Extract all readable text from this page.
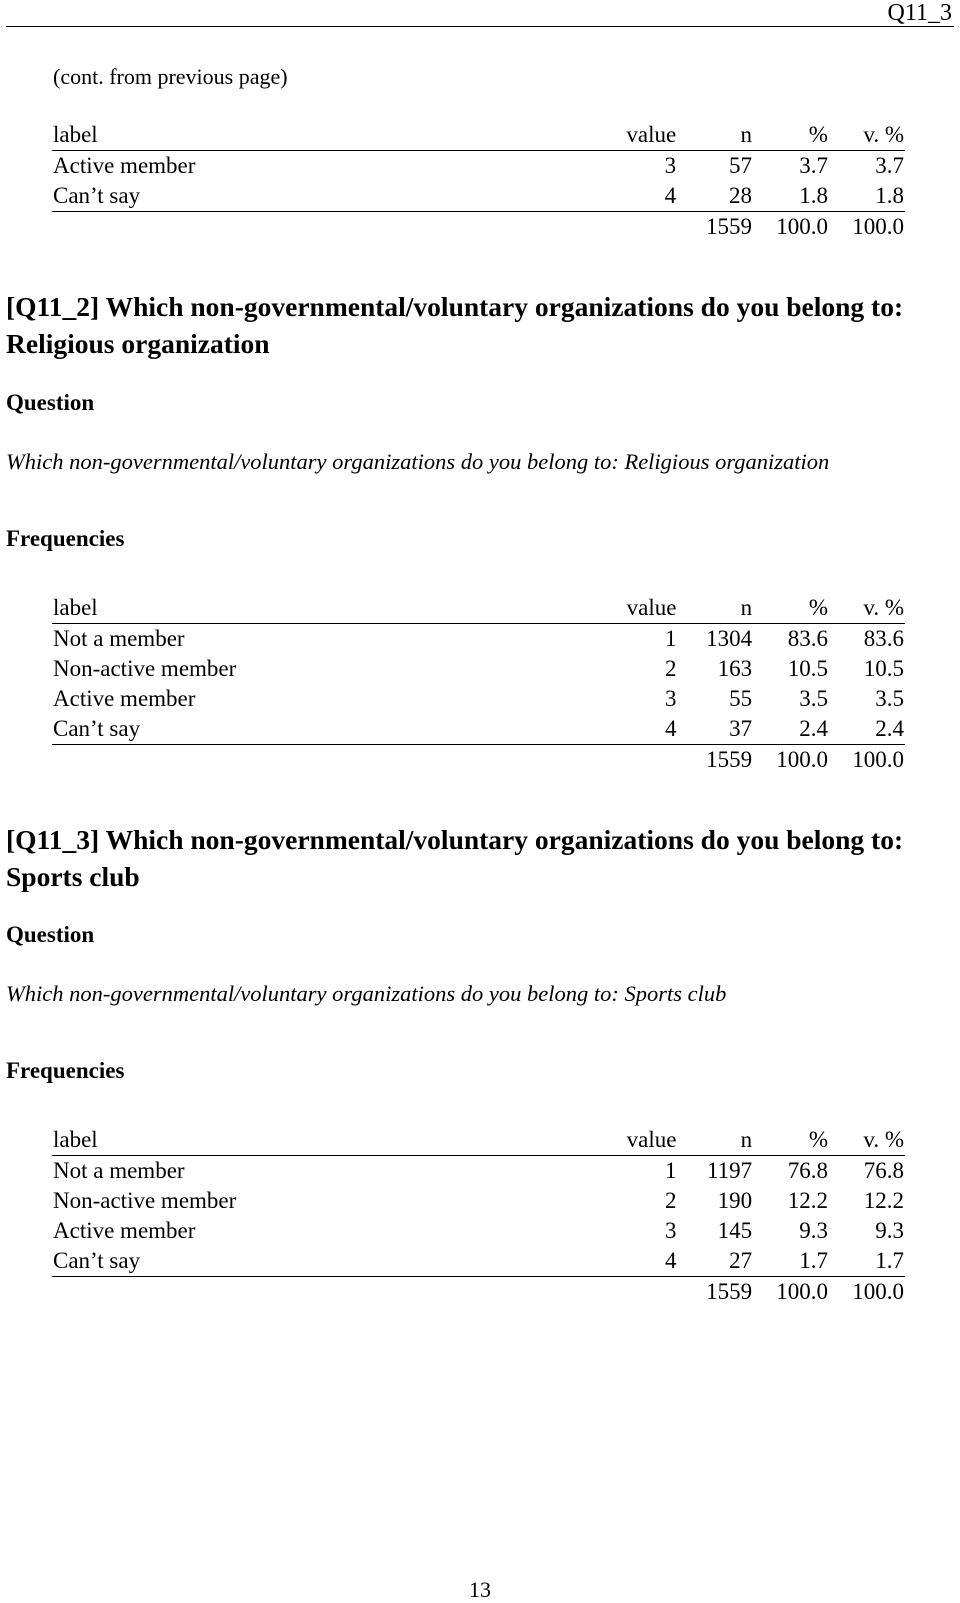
Q11_3
(cont. from previous page)
label	value	n	%	v. %
Active member	3	57	3.7	3.7
Can’t say	4	28	1.8	1.8
		1559	100.0	100.0
[Q11_2] Which non-governmental/voluntary organizations do you belong to: Religious organization
Question

Which non-governmental/voluntary organizations do you belong to: Religious organization

Frequencies
label	value	n	%	v. %
Not a member	1	1304	83.6	83.6
Non-active member	2	163	10.5	10.5
Active member	3	55	3.5	3.5
Can’t say	4	37	2.4	2.4
		1559	100.0	100.0
[Q11_3] Which non-governmental/voluntary organizations do you belong to: Sports club
Question

Which non-governmental/voluntary organizations do you belong to: Sports club

Frequencies
label	value	n	%	v. %
Not a member	1	1197	76.8	76.8
Non-active member	2	190	12.2	12.2
Active member	3	145	9.3	9.3
Can’t say	4	27	1.7	1.7
		1559	100.0	100.0
13
